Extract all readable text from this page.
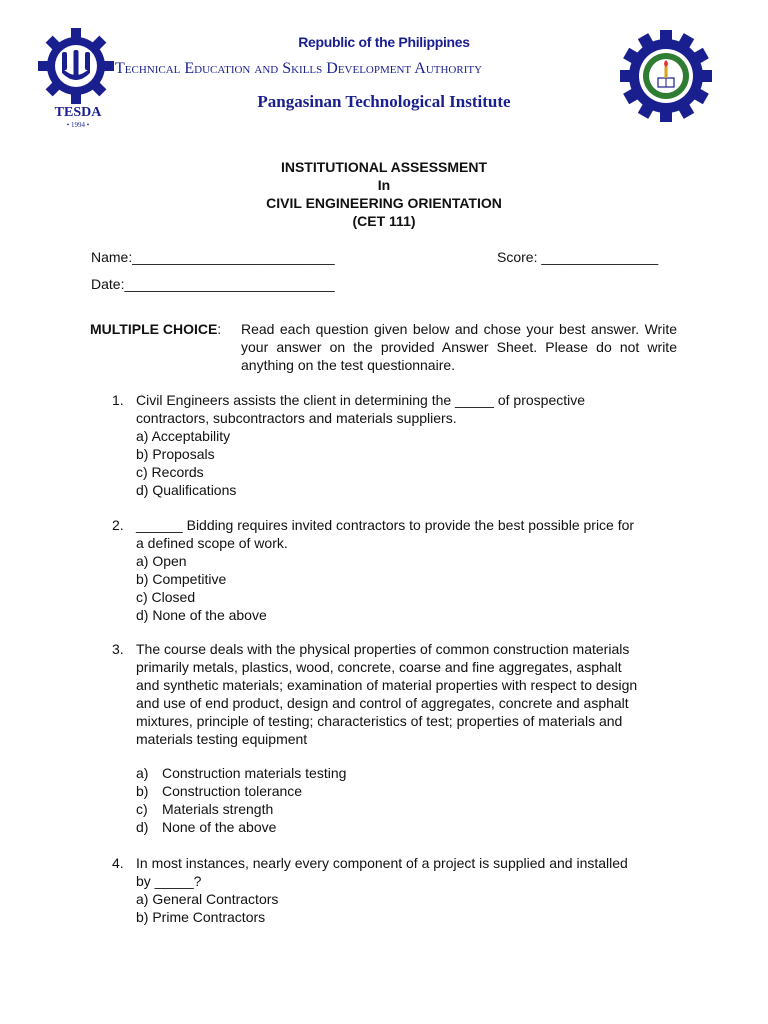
TESDA
• 1994 •
Republic of the Philippines
Technical Education and Skills Development Authority
Pangasinan Technological Institute
INSTITUTIONAL ASSESSMENT
In
CIVIL ENGINEERING ORIENTATION
(CET 111)
Name:__________________________	Score: _______________
Date:___________________________
MULTIPLE CHOICE: Read each question given below and chose your best answer. Write your answer on the provided Answer Sheet. Please do not write anything on the test questionnaire.
1. Civil Engineers assists the client in determining the _____ of prospective
contractors, subcontractors and materials suppliers.
a) Acceptability
b) Proposals
c) Records
d) Qualifications
2. ______ Bidding requires invited contractors to provide the best possible price for
a defined scope of work.
a) Open
b) Competitive
c) Closed
d) None of the above
3. The course deals with the physical properties of common construction materials
primarily metals, plastics, wood, concrete, coarse and fine aggregates, asphalt
and synthetic materials; examination of material properties with respect to design
and use of end product, design and control of aggregates, concrete and asphalt
mixtures, principle of testing; characteristics of test; properties of materials and
materials testing equipment
a) Construction materials testing
b) Construction tolerance
c) Materials strength
d) None of the above
4. In most instances, nearly every component of a project is supplied and installed
by _____?
a) General Contractors
b) Prime Contractors
